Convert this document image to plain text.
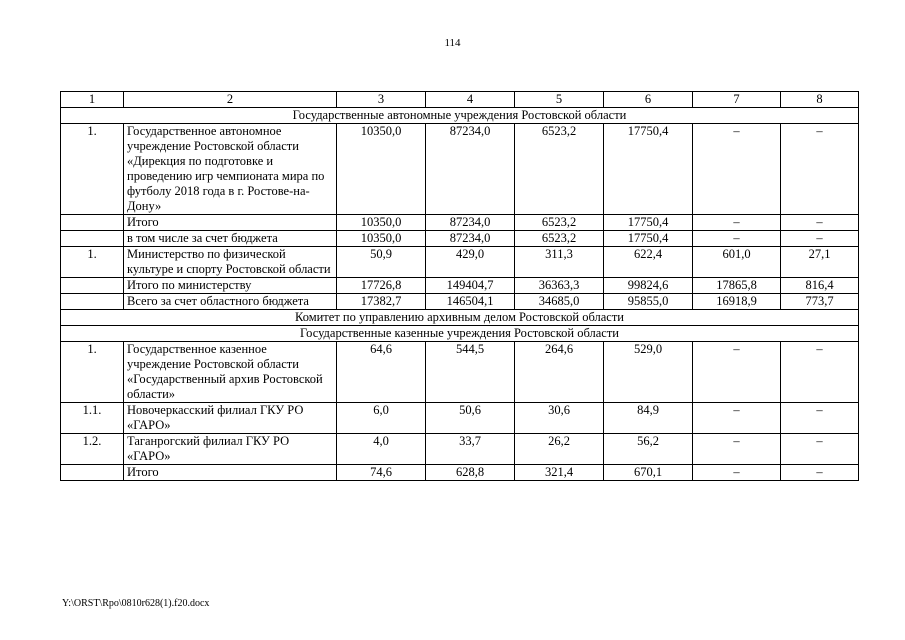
114
1	2	3	4	5	6	7	8
Государственные автономные учреждения Ростовской области							
1.	Государственное автономное учреждение Ростовской области «Дирекция по подготовке и проведению игр чемпионата мира по футболу 2018 года в г. Ростове-на-Дону»	10350,0	87234,0	6523,2	17750,4	–	–
	Итого	10350,0	87234,0	6523,2	17750,4	–	–
	в том числе за счет бюджета	10350,0	87234,0	6523,2	17750,4	–	–
1.	Министерство по физической культуре и спорту Ростовской области	50,9	429,0	311,3	622,4	601,0	27,1
	Итого по министерству	17726,8	149404,7	36363,3	99824,6	17865,8	816,4
	Всего за счет областного бюджета	17382,7	146504,1	34685,0	95855,0	16918,9	773,7
Комитет по управлению архивным делом Ростовской области							
Государственные казенные учреждения Ростовской области							
1.	Государственное казенное учреждение Ростовской области «Государственный архив Ростовской области»	64,6	544,5	264,6	529,0	–	–
1.1.	Новочеркасский филиал ГКУ РО «ГАРО»	6,0	50,6	30,6	84,9	–	–
1.2.	Таганрогский филиал ГКУ РО «ГАРО»	4,0	33,7	26,2	56,2	–	–
	Итого	74,6	628,8	321,4	670,1	–	–
Y:\ORST\Rpo\0810r628(1).f20.docx
